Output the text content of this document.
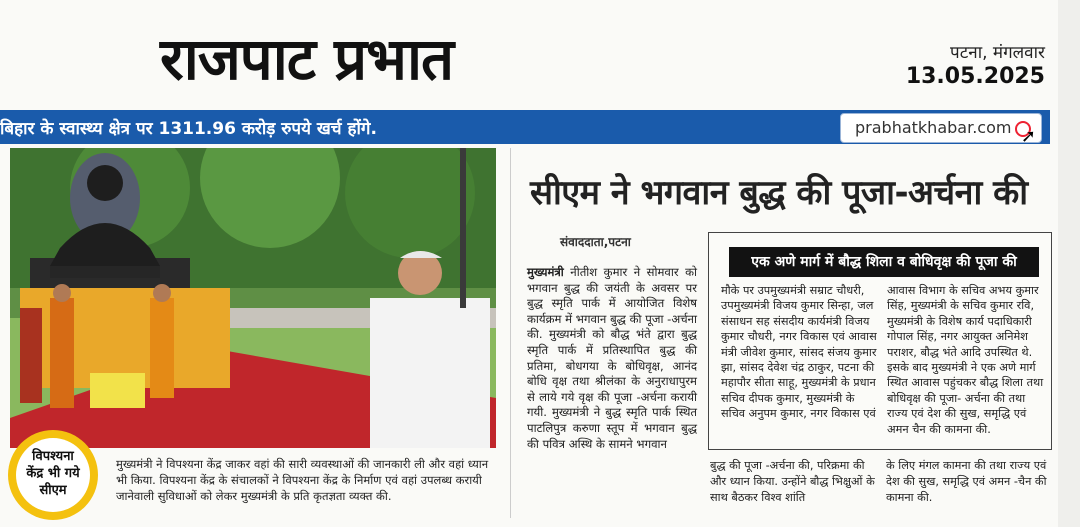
राजपाट प्रभात	पटना, मंगलवार
13.05.2025
बिहार के स्वास्थ्य क्षेत्र पर 1311.96 करोड़ रुपये खर्च होंगे.	prabhatkhabar.com ➚
विपश्यना
केंद्र भी गये
सीएम
मुख्यमंत्री ने विपश्यना केंद्र जाकर वहां की सारी व्यवस्थाओं की जानकारी ली और वहां ध्यान भी किया. विपश्यना केंद्र के संचालकों ने विपश्यना केंद्र के निर्माण एवं वहां उपलब्ध करायी जानेवाली सुविधाओं को लेकर मुख्यमंत्री के प्रति कृतज्ञता व्यक्त की.
सीएम ने भगवान बुद्ध की पूजा-अर्चना की
संवाददाता,पटना
मुख्यमंत्री नीतीश कुमार ने सोमवार को भगवान बुद्ध की जयंती के अवसर पर बुद्ध स्मृति पार्क में आयोजित विशेष कार्यक्रम में भगवान बुद्ध की पूजा -अर्चना की. मुख्यमंत्री को बौद्ध भंते द्वारा बुद्ध स्मृति पार्क में प्रतिस्थापित बुद्ध की प्रतिमा, बोधगया के बोधिवृक्ष, आनंद बोधि वृक्ष तथा श्रीलंका के अनुराधापुरम से लाये गये वृक्ष की पूजा -अर्चना करायी गयी. मुख्यमंत्री ने बुद्ध स्मृति पार्क स्थित पाटलिपुत्र करुणा स्तूप में भगवान बुद्ध की पवित्र अस्थि के सामने भगवान
एक अणे मार्ग में बौद्ध शिला व बोधिवृक्ष की पूजा की
मौके पर उपमुख्यमंत्री सम्राट चौधरी, उपमुख्यमंत्री विजय कुमार सिन्हा, जल संसाधन सह संसदीय कार्यमंत्री विजय कुमार चौधरी, नगर विकास एवं आवास मंत्री जीवेश कुमार, सांसद संजय कुमार झा, सांसद देवेश चंद्र ठाकुर, पटना की महापौर सीता साहू, मुख्यमंत्री के प्रधान सचिव दीपक कुमार, मुख्यमंत्री के सचिव अनुपम कुमार, नगर विकास एवं
आवास विभाग के सचिव अभय कुमार सिंह, मुख्यमंत्री के सचिव कुमार रवि, मुख्यमंत्री के विशेष कार्य पदाधिकारी गोपाल सिंह, नगर आयुक्त अनिमेश पराशर, बौद्ध भंते आदि उपस्थित थे. इसके बाद मुख्यमंत्री ने एक अणे मार्ग स्थित आवास पहुंचकर बौद्ध शिला तथा बोधिवृक्ष की पूजा- अर्चना की तथा राज्य एवं देश की सुख, समृद्धि एवं अमन चैन की कामना की.
बुद्ध की पूजा -अर्चना की, परिक्रमा की और ध्यान किया. उन्होंने बौद्ध भिक्षुओं के साथ बैठकर विश्व शांति
के लिए मंगल कामना की तथा राज्य एवं देश की सुख, समृद्धि एवं अमन -चैन की कामना की.
